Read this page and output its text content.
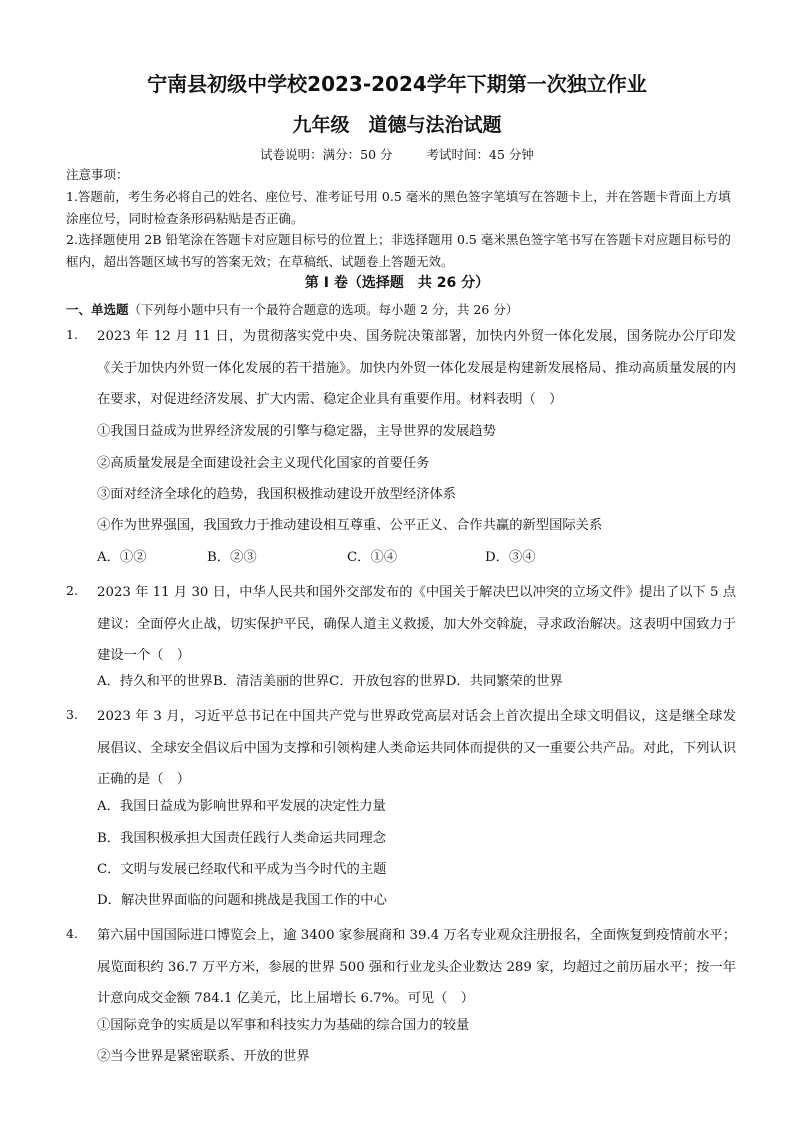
宁南县初级中学校2023-2024学年下期第一次独立作业
九年级　道德与法治试题
试卷说明：满分：50 分	考试时间：45 分钟
注意事项：
1.答题前，考生务必将自己的姓名、座位号、准考证号用 0.5 毫米的黑色签字笔填写在答题卡上，并在答题卡背面上方填涂座位号，同时检查条形码粘贴是否正确。
2.选择题使用 2B 铅笔涂在答题卡对应题目标号的位置上；非选择题用 0.5 毫米黑色签字笔书写在答题卡对应题目标号的框内，超出答题区域书写的答案无效；在草稿纸、试题卷上答题无效。
第 I 卷（选择题　共 26 分）
一、单选题（下列每小题中只有一个最符合题意的选项。每小题 2 分，共 26 分）
1. 2023 年 12 月 11 日，为贯彻落实党中央、国务院决策部署，加快内外贸一体化发展，国务院办公厅印发《关于加快内外贸一体化发展的若干措施》。加快内外贸一体化发展是构建新发展格局、推动高质量发展的内在要求，对促进经济发展、扩大内需、稳定企业具有重要作用。材料表明（　）
①我国日益成为世界经济发展的引擎与稳定器，主导世界的发展趋势
②高质量发展是全面建设社会主义现代化国家的首要任务
③面对经济全球化的趋势，我国积极推动建设开放型经济体系
④作为世界强国，我国致力于推动建设相互尊重、公平正义、合作共赢的新型国际关系
A．①②	B．②③	C．①④	D．③④
2. 2023 年 11 月 30 日，中华人民共和国外交部发布的《中国关于解决巴以冲突的立场文件》提出了以下 5 点建议：全面停火止战，切实保护平民，确保人道主义救援，加大外交斡旋，寻求政治解决。这表明中国致力于建设一个（　）
A．持久和平的世界B．清洁美丽的世界C．开放包容的世界D．共同繁荣的世界
3. 2023 年 3 月，习近平总书记在中国共产党与世界政党高层对话会上首次提出全球文明倡议，这是继全球发展倡议、全球安全倡议后中国为支撑和引领构建人类命运共同体而提供的又一重要公共产品。对此，下列认识正确的是（　）
A．我国日益成为影响世界和平发展的决定性力量
B．我国积极承担大国责任践行人类命运共同理念
C．文明与发展已经取代和平成为当今时代的主题
D．解决世界面临的问题和挑战是我国工作的中心
4. 第六届中国国际进口博览会上，逾 3400 家参展商和 39.4 万名专业观众注册报名，全面恢复到疫情前水平；展览面积约 36.7 万平方米，参展的世界 500 强和行业龙头企业数达 289 家，均超过之前历届水平；按一年计意向成交金额 784.1 亿美元，比上届增长 6.7%。可见（　）
①国际竞争的实质是以军事和科技实力为基础的综合国力的较量
②当今世界是紧密联系、开放的世界
